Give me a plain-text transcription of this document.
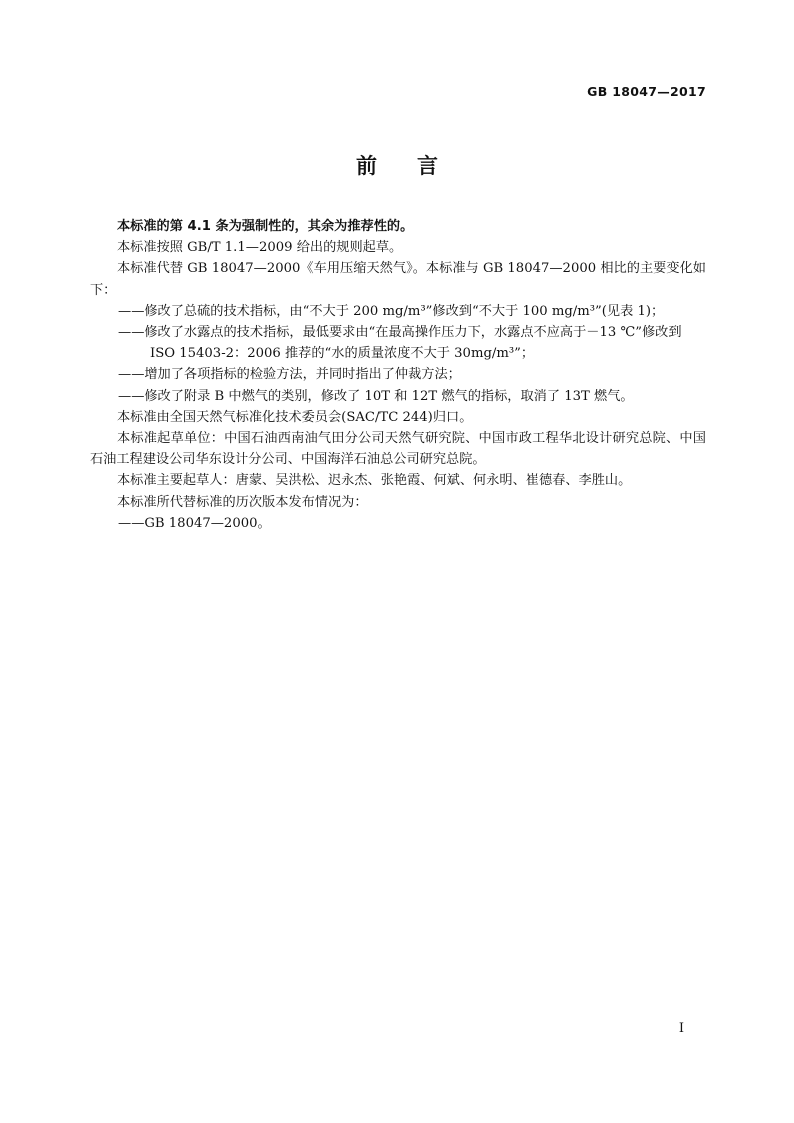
GB 18047—2017
前言

本标准的第 4.1 条为强制性的，其余为推荐性的。

本标准按照 GB/T 1.1—2009 给出的规则起草。

本标准代替 GB 18047—2000《车用压缩天然气》。本标准与 GB 18047—2000 相比的主要变化如下：

——修改了总硫的技术指标，由“不大于 200 mg/m³”修改到“不大于 100 mg/m³”(见表 1)；

——修改了水露点的技术指标，最低要求由“在最高操作压力下，水露点不应高于－13 ℃”修改到 ISO 15403-2：2006 推荐的“水的质量浓度不大于 30mg/m³”；

——增加了各项指标的检验方法，并同时指出了仲裁方法；

——修改了附录 B 中燃气的类别，修改了 10T 和 12T 燃气的指标，取消了 13T 燃气。

本标准由全国天然气标准化技术委员会(SAC/TC 244)归口。

本标准起草单位：中国石油西南油气田分公司天然气研究院、中国市政工程华北设计研究总院、中国石油工程建设公司华东设计分公司、中国海洋石油总公司研究总院。

本标准主要起草人：唐蒙、吴洪松、迟永杰、张艳霞、何斌、何永明、崔德春、李胜山。

本标准所代替标准的历次版本发布情况为：

——GB 18047—2000。

I
